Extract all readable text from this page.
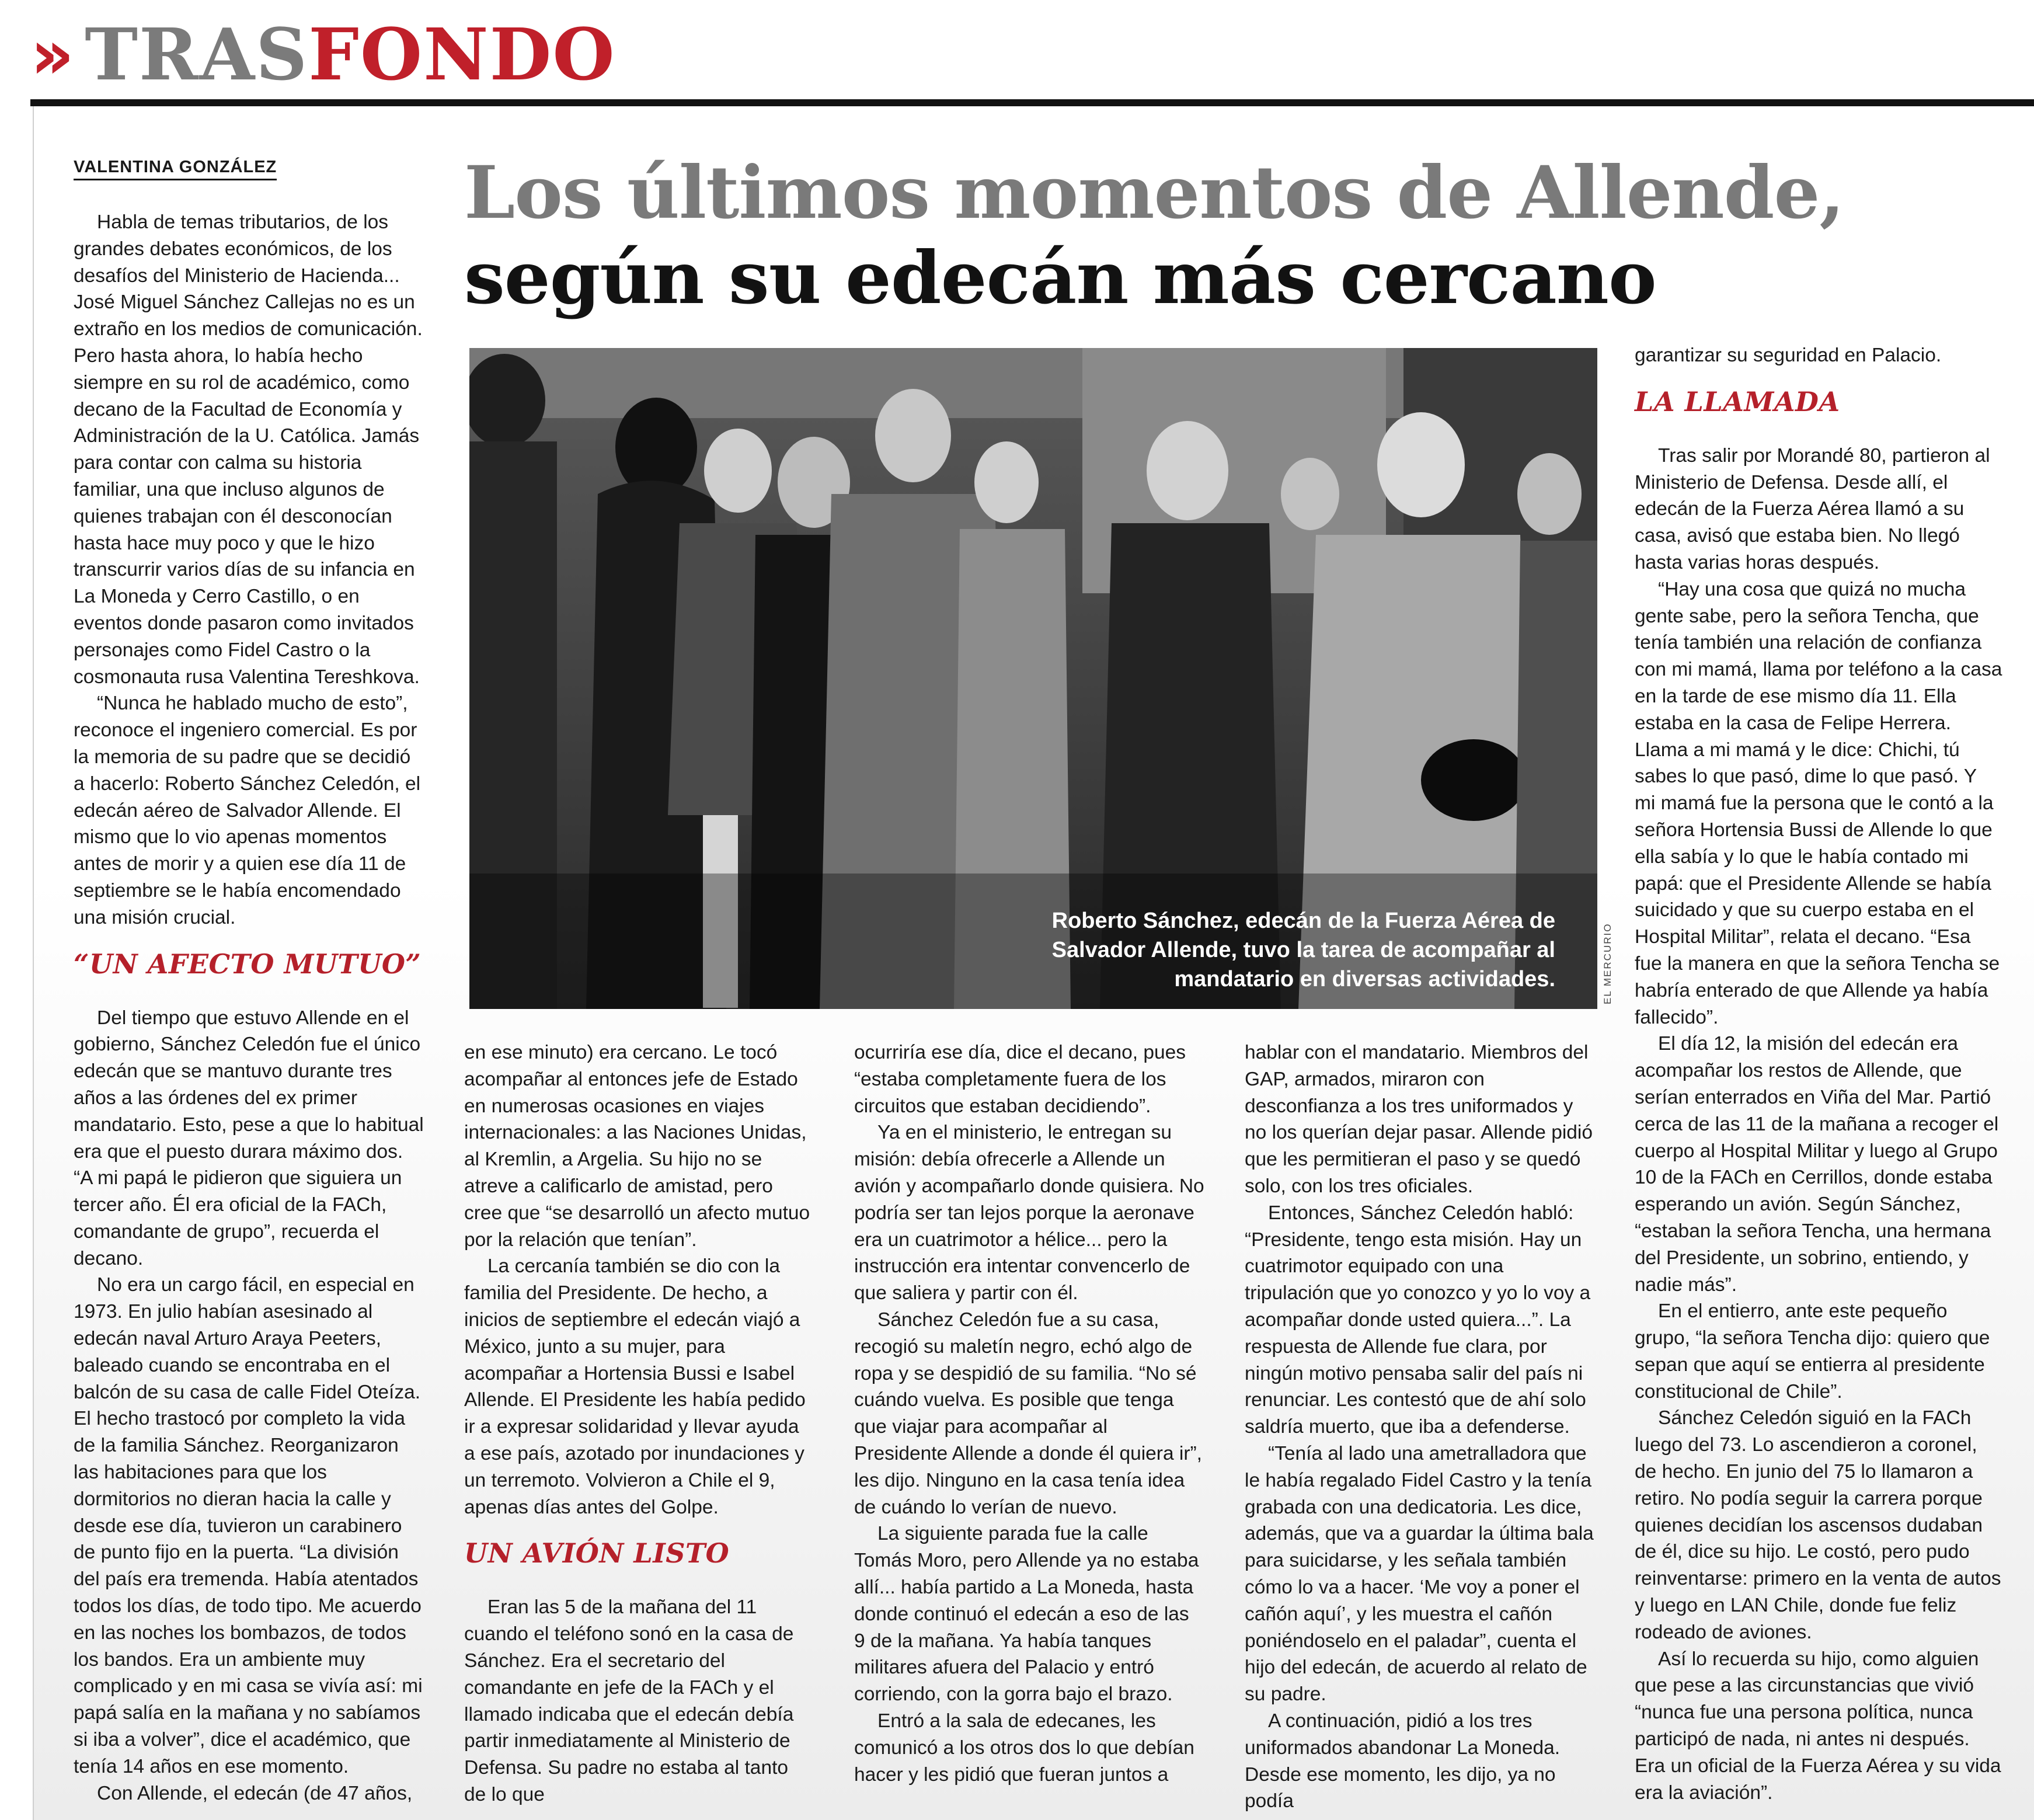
›› TRASFONDO
VALENTINA GONZÁLEZ	Los últimos momentos de Allende,
según su edecán más cercano

Habla de temas tributarios, de los grandes debates económicos, de los desafíos del Ministerio de Hacienda... José Miguel Sánchez Callejas no es un extraño en los medios de comunicación. Pero hasta ahora, lo había hecho siempre en su rol de académico, como decano de la Facultad de Economía y Administración de la U. Católica. Jamás para contar con calma su historia familiar, una que incluso algunos de quienes trabajan con él desconocían hasta hace muy poco y que le hizo transcurrir varios días de su infancia en La Moneda y Cerro Castillo, o en eventos donde pasaron como invitados personajes como Fidel Castro o la cosmonauta rusa Valentina Tereshkova.

“Nunca he hablado mucho de esto”, reconoce el ingeniero comercial. Es por la memoria de su padre que se decidió a hacerlo: Roberto Sánchez Celedón, el edecán aéreo de Salvador Allende. El mismo que lo vio apenas momentos antes de morir y a quien ese día 11 de septiembre se le había encomendado una misión crucial.

“UN AFECTO MUTUO”

Del tiempo que estuvo Allende en el gobierno, Sánchez Celedón fue el único edecán que se mantuvo durante tres años a las órdenes del ex primer mandatario. Esto, pese a que lo habitual era que el puesto durara máximo dos. “A mi papá le pidieron que siguiera un tercer año. Él era oficial de la FACh, comandante de grupo”, recuerda el decano.

No era un cargo fácil, en especial en 1973. En julio habían asesinado al edecán naval Arturo Araya Peeters, baleado cuando se encontraba en el balcón de su casa de calle Fidel Oteíza. El hecho trastocó por completo la vida de la familia Sánchez. Reorganizaron las habitaciones para que los dormitorios no dieran hacia la calle y desde ese día, tuvieron un carabinero de punto fijo en la puerta. “La división del país era tremenda. Había atentados todos los días, de todo tipo. Me acuerdo en las noches los bombazos, de todos los bandos. Era un ambiente muy complicado y en mi casa se vivía así: mi papá salía en la mañana y no sabíamos si iba a volver”, dice el académico, que tenía 14 años en ese momento.

Con Allende, el edecán (de 47 años,

Roberto Sánchez, edecán de la Fuerza Aérea de Salvador Allende, tuvo la tarea de acompañar al mandatario en diversas actividades.	EL MERCURIO

en ese minuto) era cercano. Le tocó acompañar al entonces jefe de Estado en numerosas ocasiones en viajes internacionales: a las Naciones Unidas, al Kremlin, a Argelia. Su hijo no se atreve a calificarlo de amistad, pero cree que “se desarrolló un afecto mutuo por la relación que tenían”.

La cercanía también se dio con la familia del Presidente. De hecho, a inicios de septiembre el edecán viajó a México, junto a su mujer, para acompañar a Hortensia Bussi e Isabel Allende. El Presidente les había pedido ir a expresar solidaridad y llevar ayuda a ese país, azotado por inundaciones y un terremoto. Volvieron a Chile el 9, apenas días antes del Golpe.

UN AVIÓN LISTO

Eran las 5 de la mañana del 11 cuando el teléfono sonó en la casa de Sánchez. Era el secretario del comandante en jefe de la FACh y el llamado indicaba que el edecán debía partir inmediatamente al Ministerio de Defensa. Su padre no estaba al tanto de lo que

ocurriría ese día, dice el decano, pues “estaba completamente fuera de los circuitos que estaban decidiendo”.

Ya en el ministerio, le entregan su misión: debía ofrecerle a Allende un avión y acompañarlo donde quisiera. No podría ser tan lejos porque la aeronave era un cuatrimotor a hélice... pero la instrucción era intentar convencerlo de que saliera y partir con él.

Sánchez Celedón fue a su casa, recogió su maletín negro, echó algo de ropa y se despidió de su familia. “No sé cuándo vuelva. Es posible que tenga que viajar para acompañar al Presidente Allende a donde él quiera ir”, les dijo. Ninguno en la casa tenía idea de cuándo lo verían de nuevo.

La siguiente parada fue la calle Tomás Moro, pero Allende ya no estaba allí... había partido a La Moneda, hasta donde continuó el edecán a eso de las 9 de la mañana. Ya había tanques militares afuera del Palacio y entró corriendo, con la gorra bajo el brazo.

Entró a la sala de edecanes, les comunicó a los otros dos lo que debían hacer y les pidió que fueran juntos a

hablar con el mandatario. Miembros del GAP, armados, miraron con desconfianza a los tres uniformados y no los querían dejar pasar. Allende pidió que les permitieran el paso y se quedó solo, con los tres oficiales.

Entonces, Sánchez Celedón habló: “Presidente, tengo esta misión. Hay un cuatrimotor equipado con una tripulación que yo conozco y yo lo voy a acompañar donde usted quiera...”. La respuesta de Allende fue clara, por ningún motivo pensaba salir del país ni renunciar. Les contestó que de ahí solo saldría muerto, que iba a defenderse.

“Tenía al lado una ametralladora que le había regalado Fidel Castro y la tenía grabada con una dedicatoria. Les dice, además, que va a guardar la última bala para suicidarse, y les señala también cómo lo va a hacer. ‘Me voy a poner el cañón aquí’, y les muestra el cañón poniéndoselo en el paladar”, cuenta el hijo del edecán, de acuerdo al relato de su padre.

A continuación, pidió a los tres uniformados abandonar La Moneda. Desde ese momento, les dijo, ya no podía

garantizar su seguridad en Palacio.

LA LLAMADA

Tras salir por Morandé 80, partieron al Ministerio de Defensa. Desde allí, el edecán de la Fuerza Aérea llamó a su casa, avisó que estaba bien. No llegó hasta varias horas después.

“Hay una cosa que quizá no mucha gente sabe, pero la señora Tencha, que tenía también una relación de confianza con mi mamá, llama por teléfono a la casa en la tarde de ese mismo día 11. Ella estaba en la casa de Felipe Herrera. Llama a mi mamá y le dice: Chichi, tú sabes lo que pasó, dime lo que pasó. Y mi mamá fue la persona que le contó a la señora Hortensia Bussi de Allende lo que ella sabía y lo que le había contado mi papá: que el Presidente Allende se había suicidado y que su cuerpo estaba en el Hospital Militar”, relata el decano. “Esa fue la manera en que la señora Tencha se habría enterado de que Allende ya había fallecido”.

El día 12, la misión del edecán era acompañar los restos de Allende, que serían enterrados en Viña del Mar. Partió cerca de las 11 de la mañana a recoger el cuerpo al Hospital Militar y luego al Grupo 10 de la FACh en Cerrillos, donde estaba esperando un avión. Según Sánchez, “estaban la señora Tencha, una hermana del Presidente, un sobrino, entiendo, y nadie más”.

En el entierro, ante este pequeño grupo, “la señora Tencha dijo: quiero que sepan que aquí se entierra al presidente constitucional de Chile”.

Sánchez Celedón siguió en la FACh luego del 73. Lo ascendieron a coronel, de hecho. En junio del 75 lo llamaron a retiro. No podía seguir la carrera porque quienes decidían los ascensos dudaban de él, dice su hijo. Le costó, pero pudo reinventarse: primero en la venta de autos y luego en LAN Chile, donde fue feliz rodeado de aviones.

Así lo recuerda su hijo, como alguien que pese a las circunstancias que vivió “nunca fue una persona política, nunca participó de nada, ni antes ni después. Era un oficial de la Fuerza Aérea y su vida era la aviación”.
